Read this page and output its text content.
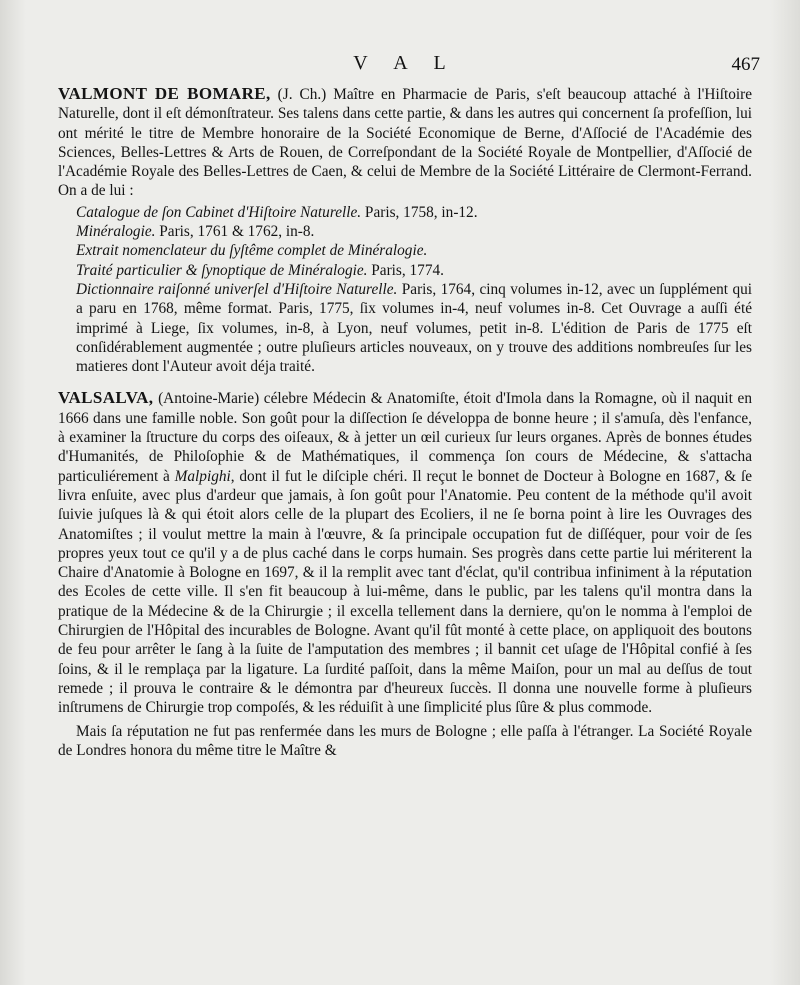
V A L	467

VALMONT DE BOMARE, (J. Ch.) Maître en Pharmacie de Paris, s'eſt beaucoup attaché à l'Hiſtoire Naturelle, dont il eſt démonſtrateur. Ses talens dans cette partie, & dans les autres qui concernent ſa profeſſion, lui ont mérité le titre de Membre honoraire de la Société Economique de Berne, d'Aſſocié de l'Académie des Sciences, Belles-Lettres & Arts de Rouen, de Correſpondant de la Société Royale de Montpellier, d'Aſſocié de l'Académie Royale des Belles-Lettres de Caen, & celui de Membre de la Société Littéraire de Clermont-Ferrand. On a de lui :

Catalogue de ſon Cabinet d'Hiſtoire Naturelle. Paris, 1758, in-12.
Minéralogie. Paris, 1761 & 1762, in-8.
Extrait nomenclateur du ſyſtême complet de Minéralogie.
Traité particulier & ſynoptique de Minéralogie. Paris, 1774.
Dictionnaire raiſonné univerſel d'Hiſtoire Naturelle. Paris, 1764, cinq volumes in-12, avec un ſupplément qui a paru en 1768, même format. Paris, 1775, ſix volumes in-4, neuf volumes in-8. Cet Ouvrage a auſſi été imprimé à Liege, ſix volumes, in-8, à Lyon, neuf volumes, petit in-8. L'édition de Paris de 1775 eſt conſidérablement augmentée ; outre pluſieurs articles nouveaux, on y trouve des additions nombreuſes ſur les matieres dont l'Auteur avoit déja traité.

VALSALVA, (Antoine-Marie) célebre Médecin & Anatomiſte, étoit d'Imola dans la Romagne, où il naquit en 1666 dans une famille noble. Son goût pour la diſſection ſe développa de bonne heure ; il s'amuſa, dès l'enfance, à examiner la ſtructure du corps des oiſeaux, & à jetter un œil curieux ſur leurs organes. Après de bonnes études d'Humanités, de Philoſophie & de Mathématiques, il commença ſon cours de Médecine, & s'attacha particuliérement à Malpighi, dont il fut le diſciple chéri. Il reçut le bonnet de Docteur à Bologne en 1687, & ſe livra enſuite, avec plus d'ardeur que jamais, à ſon goût pour l'Anatomie. Peu content de la méthode qu'il avoit ſuivie juſques là & qui étoit alors celle de la plupart des Ecoliers, il ne ſe borna point à lire les Ouvrages des Anatomiſtes ; il voulut mettre la main à l'œuvre, & ſa principale occupation fut de diſſéquer, pour voir de ſes propres yeux tout ce qu'il y a de plus caché dans le corps humain. Ses progrès dans cette partie lui mériterent la Chaire d'Anatomie à Bologne en 1697, & il la remplit avec tant d'éclat, qu'il contribua infiniment à la réputation des Ecoles de cette ville. Il s'en fit beaucoup à lui-même, dans le public, par les talens qu'il montra dans la pratique de la Médecine & de la Chirurgie ; il excella tellement dans la derniere, qu'on le nomma à l'emploi de Chirurgien de l'Hôpital des incurables de Bologne. Avant qu'il fût monté à cette place, on appliquoit des boutons de feu pour arrêter le ſang à la ſuite de l'amputation des membres ; il bannit cet uſage de l'Hôpital confié à ſes ſoins, & il le remplaça par la ligature. La ſurdité paſſoit, dans la même Maiſon, pour un mal au deſſus de tout remede ; il prouva le contraire & le démontra par d'heureux ſuccès. Il donna une nouvelle forme à pluſieurs inſtrumens de Chirurgie trop compoſés, & les réduiſit à une ſimplicité plus ſûre & plus commode.

Mais ſa réputation ne fut pas renfermée dans les murs de Bologne ; elle paſſa à l'étranger. La Société Royale de Londres honora du même titre le Maître &
